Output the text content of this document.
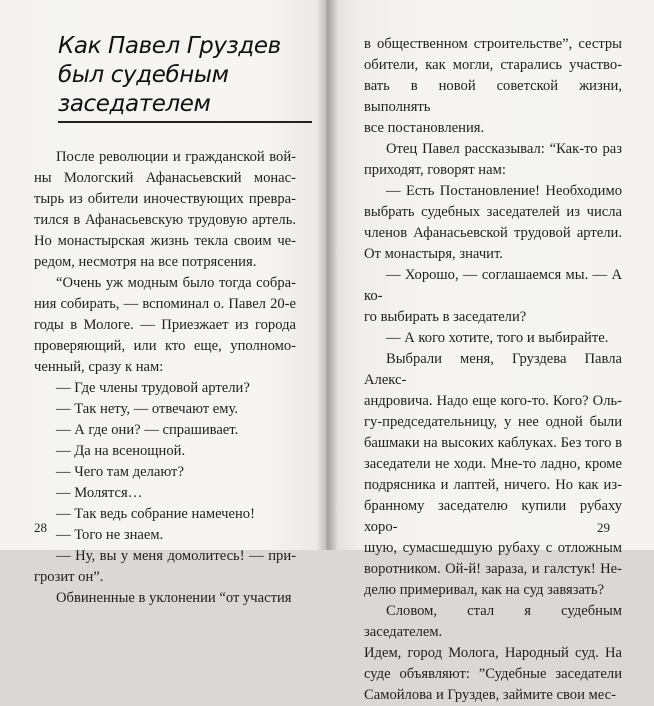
Как Павел Груздев
был судебным заседателем
После революции и гражданской вой-
ны Мологский Афанасьевский монас-
тырь из обители иночествующих превра-
тился в Афанасьевскую трудовую артель.
Но монастырская жизнь текла своим че-
редом, несмотря на все потрясения.
“Очень уж модным было тогда собра-
ния собирать, — вспоминал о. Павел 20-е
годы в Мологе. — Приезжает из города
проверяющий, или кто еще, уполномо-
ченный, сразу к нам:
— Где члены трудовой артели?
— Так нету, — отвечают ему.
— А где они? — спрашивает.
— Да на всенощной.
— Чего там делают?
— Молятся…
— Так ведь собрание намечено!
— Того не знаем.
— Ну, вы у меня домолитесь! — при-
грозит он”.
Обвиненные в уклонении “от участия
28
в общественном строительстве”, сестры
обители, как могли, старались участво-
вать в новой советской жизни, выполнять
все постановления.
Отец Павел рассказывал: “Как-то раз
приходят, говорят нам:
— Есть Постановление! Необходимо
выбрать судебных заседателей из числа
членов Афанасьевской трудовой артели.
От монастыря, значит.
— Хорошо, — соглашаемся мы. — А ко-
го выбирать в заседатели?
— А кого хотите, того и выбирайте.
Выбрали меня, Груздева Павла Алекс-
андровича. Надо еще кого-то. Кого? Оль-
гу-председательницу, у нее одной были
башмаки на высоких каблуках. Без того в
заседатели не ходи. Мне-то ладно, кроме
подрясника и лаптей, ничего. Но как из-
бранному заседателю купили рубаху хоро-
шую, сумасшедшую рубаху с отложным
воротником. Ой-й! зараза, и галстук! Не-
делю примеривал, как на суд завязать?
Словом, стал я судебным заседателем.
Идем, город Молога, Народный суд. На
суде объявляют: ”Судебные заседатели
Самойлова и Груздев, займите свои мес-
29
